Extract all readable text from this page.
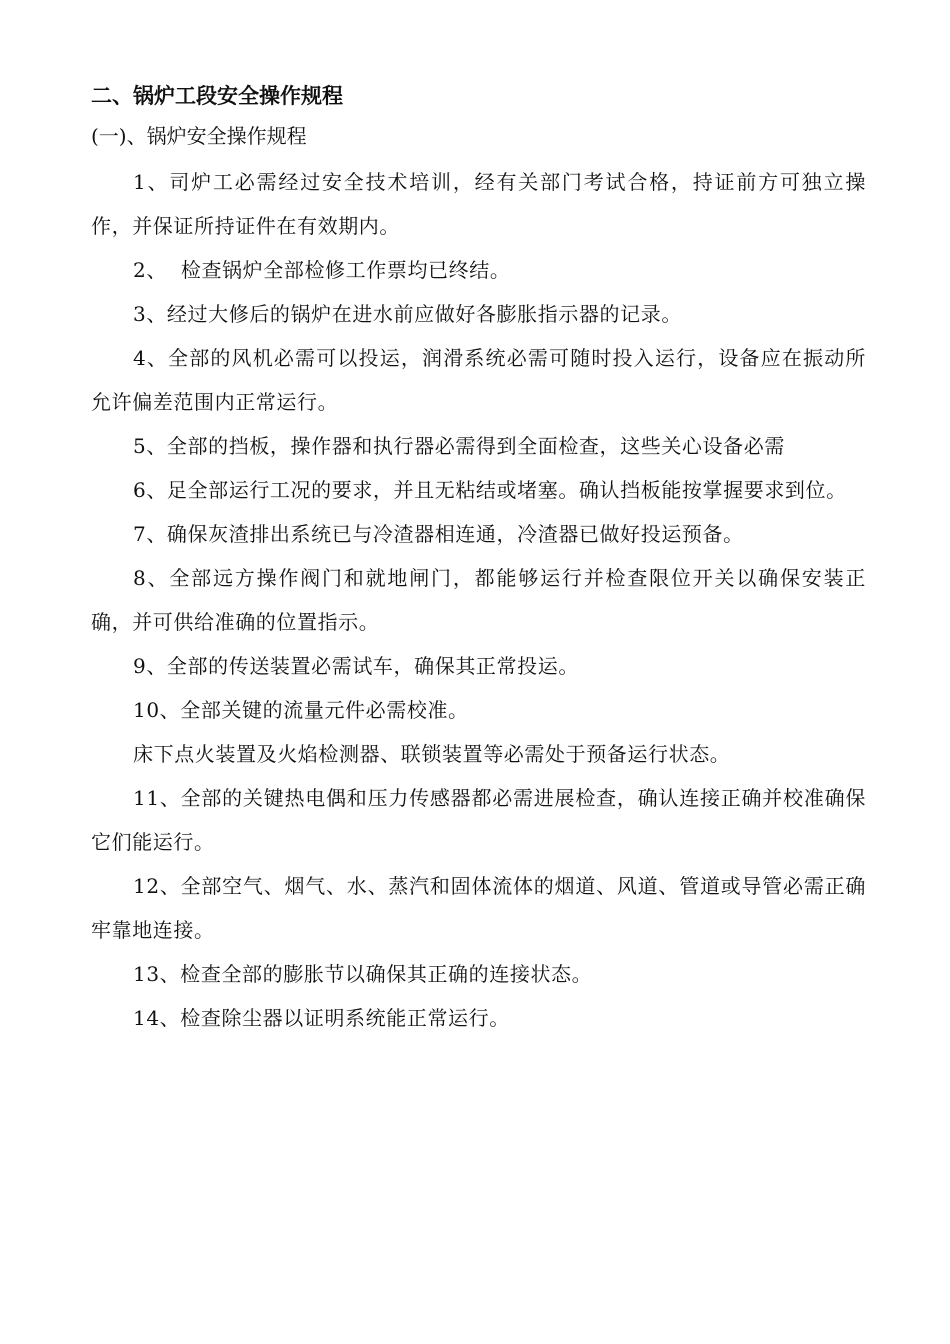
二、锅炉工段安全操作规程
(一)、锅炉安全操作规程

1、司炉工必需经过安全技术培训，经有关部门考试合格，持证前方可独立操作，并保证所持证件在有效期内。

2、  检查锅炉全部检修工作票均已终结。

3、经过大修后的锅炉在进水前应做好各膨胀指示器的记录。

4、全部的风机必需可以投运，润滑系统必需可随时投入运行，设备应在振动所允许偏差范围内正常运行。

5、全部的挡板，操作器和执行器必需得到全面检查，这些关心设备必需

6、足全部运行工况的要求，并且无粘结或堵塞。确认挡板能按掌握要求到位。

7、确保灰渣排出系统已与冷渣器相连通，冷渣器已做好投运预备。

8、全部远方操作阀门和就地闸门，都能够运行并检查限位开关以确保安装正确，并可供给准确的位置指示。

9、全部的传送装置必需试车，确保其正常投运。

10、全部关键的流量元件必需校准。

床下点火装置及火焰检测器、联锁装置等必需处于预备运行状态。

11、全部的关键热电偶和压力传感器都必需进展检查，确认连接正确并校准确保它们能运行。

12、全部空气、烟气、水、蒸汽和固体流体的烟道、风道、管道或导管必需正确牢靠地连接。

13、检查全部的膨胀节以确保其正确的连接状态。

14、检查除尘器以证明系统能正常运行。
